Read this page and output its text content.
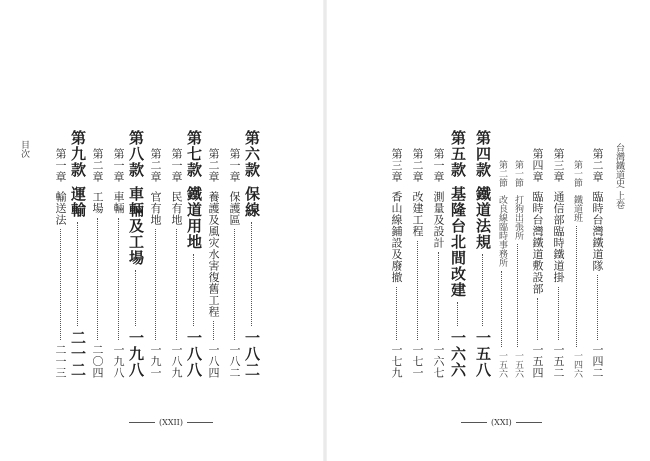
目次	第六款
保線
一八二
第一章
保護區
一八二
第二章
養護及風灾水害復舊工程
一八四
第七款
鐵道用地
一八八
第一章
民有地
一八九
第二章
官有地
一九一
第八款
車輛及工場
一九八
第一章
車輛
一九八
第二章
工場
二〇四
第九款
運輸
二一二
第一章
輸送法
二一三
(XXII)
台灣鐵道史 上卷
第二章
臨時台灣鐵道隊
一四二
第一節
鐵道班
一四六
第三章
通信部臨時鐵道掛
一五二
第四章
臨時台灣鐵道敷設部
一五四
第一節
打狗出張所
一五六
第二節
改良線臨時事務所
一五六
第四款
鐵道法規
一五八
第五款
基隆台北間改建
一六六
第一章
測量及設計
一六七
第二章
改建工程
一七一
第三章
香山線鋪設及廢撤
一七九
(XXI)
